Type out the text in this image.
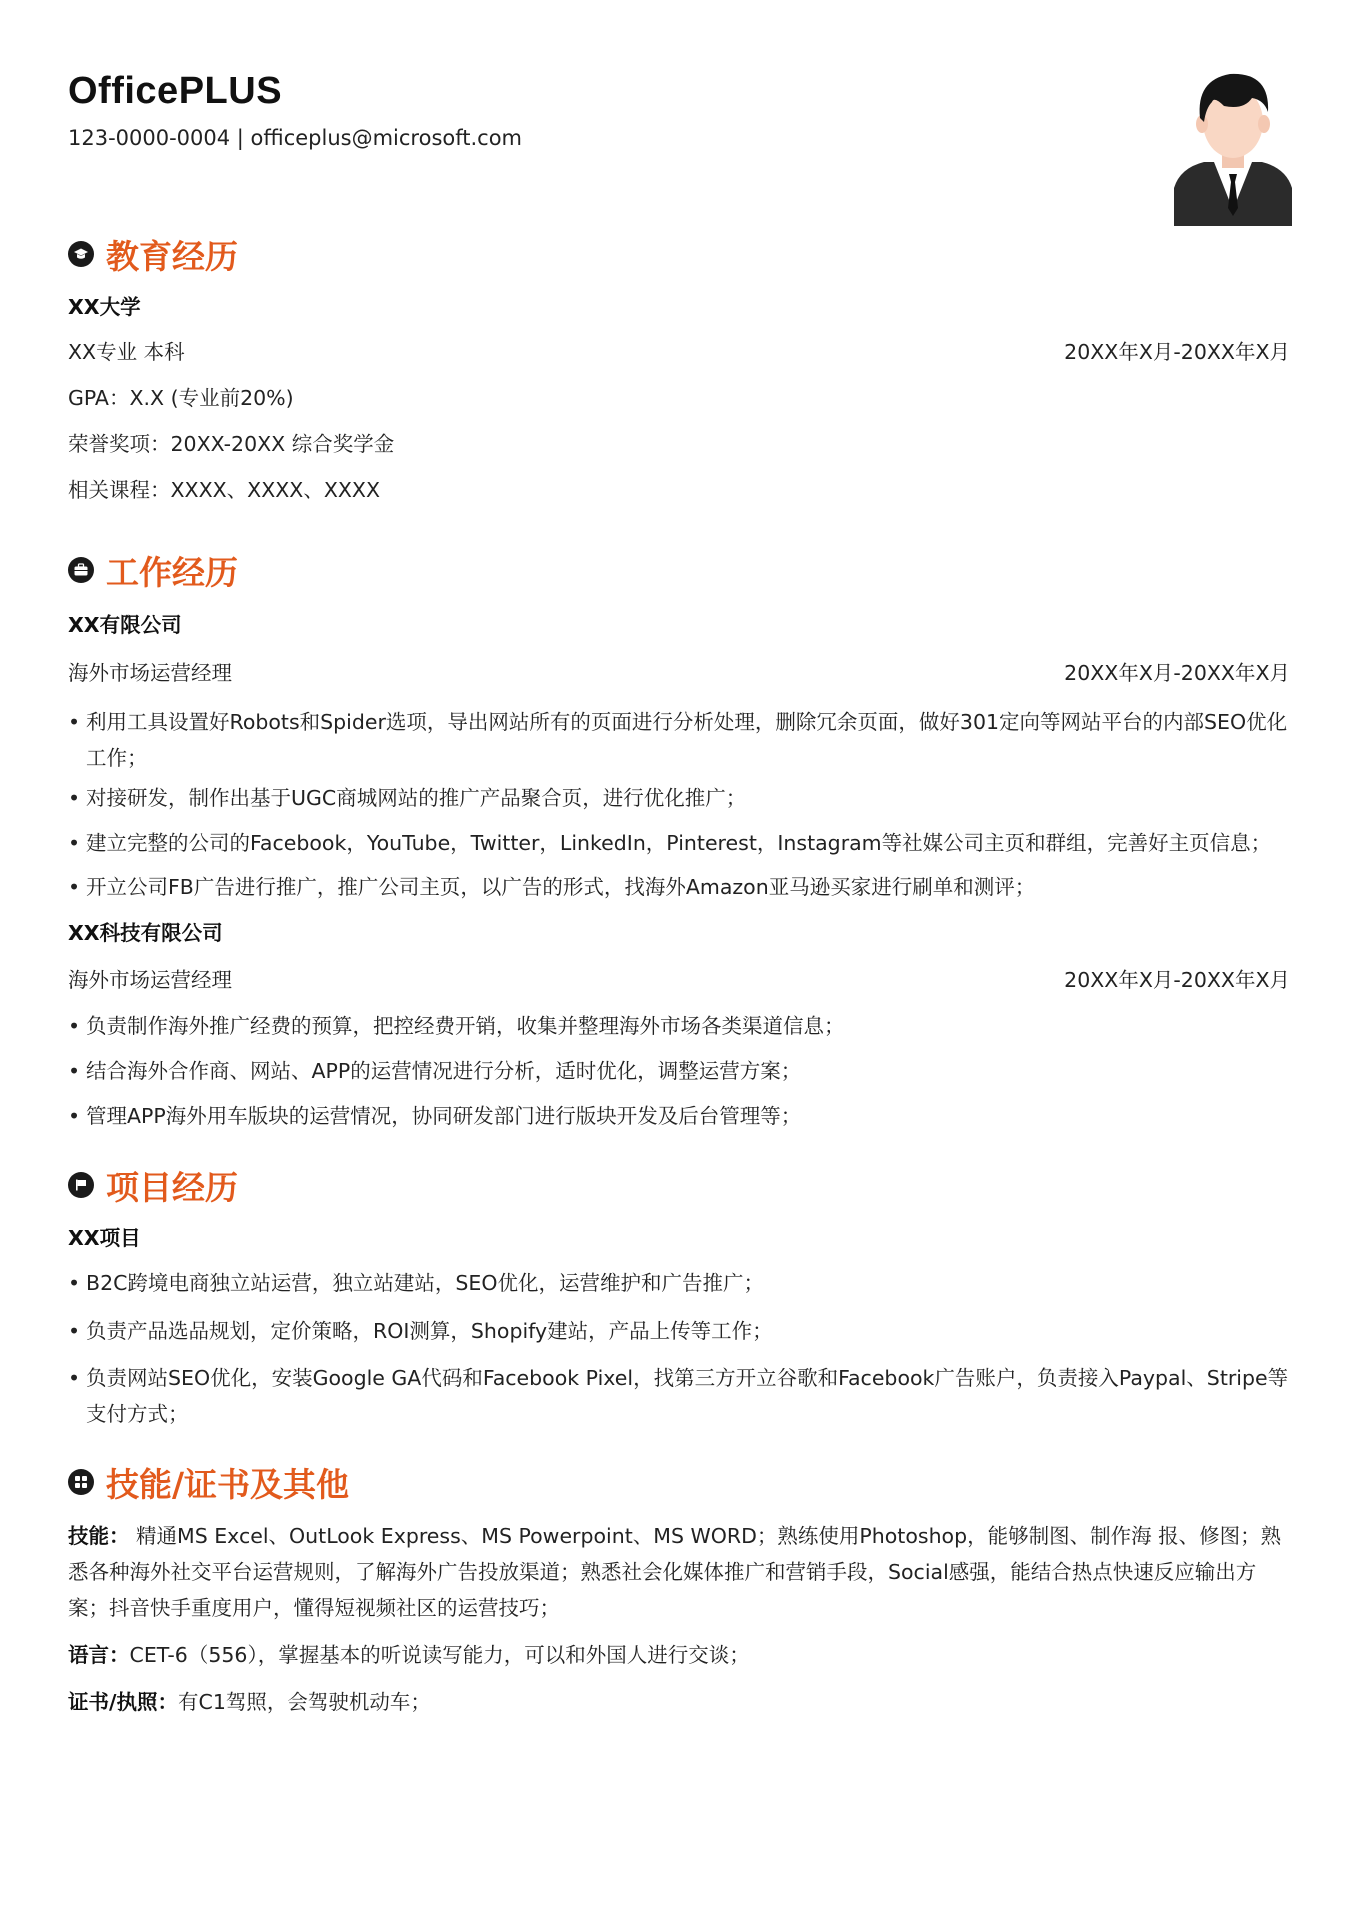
OfficePLUS
123-0000-0004 | officeplus@microsoft.com
教育经历
XX大学
XX专业 本科	20XX年X月-20XX年X月
GPA：X.X (专业前20%)
荣誉奖项：20XX-20XX 综合奖学金
相关课程：XXXX、XXXX、XXXX
工作经历
XX有限公司
海外市场运营经理	20XX年X月-20XX年X月
• 利用工具设置好Robots和Spider选项，导出网站所有的页面进行分析处理，删除冗余页面，做好301定向等网站平台的内部SEO优化工作；
• 对接研发，制作出基于UGC商城网站的推广产品聚合页，进行优化推广；
• 建立完整的公司的Facebook，YouTube，Twitter，LinkedIn，Pinterest，Instagram等社媒公司主页和群组，完善好主页信息；
• 开立公司FB广告进行推广，推广公司主页，以广告的形式，找海外Amazon亚马逊买家进行刷单和测评；
XX科技有限公司
海外市场运营经理	20XX年X月-20XX年X月
• 负责制作海外推广经费的预算，把控经费开销，收集并整理海外市场各类渠道信息；
• 结合海外合作商、网站、APP的运营情况进行分析，适时优化，调整运营方案；
• 管理APP海外用车版块的运营情况，协同研发部门进行版块开发及后台管理等；
项目经历
XX项目
• B2C跨境电商独立站运营，独立站建站，SEO优化，运营维护和广告推广；
• 负责产品选品规划，定价策略，ROI测算，Shopify建站，产品上传等工作；
• 负责网站SEO优化，安装Google GA代码和Facebook Pixel，找第三方开立谷歌和Facebook广告账户，负责接入Paypal、Stripe等支付方式；
技能/证书及其他
技能： 精通MS Excel、OutLook Express、MS Powerpoint、MS WORD；熟练使用Photoshop，能够制图、制作海 报、修图；熟悉各种海外社交平台运营规则，了解海外广告投放渠道；熟悉社会化媒体推广和营销手段，Social感强，能结合热点快速反应输出方案；抖音快手重度用户，懂得短视频社区的运营技巧；
语言：CET-6（556），掌握基本的听说读写能力，可以和外国人进行交谈；
证书/执照：有C1驾照，会驾驶机动车；
